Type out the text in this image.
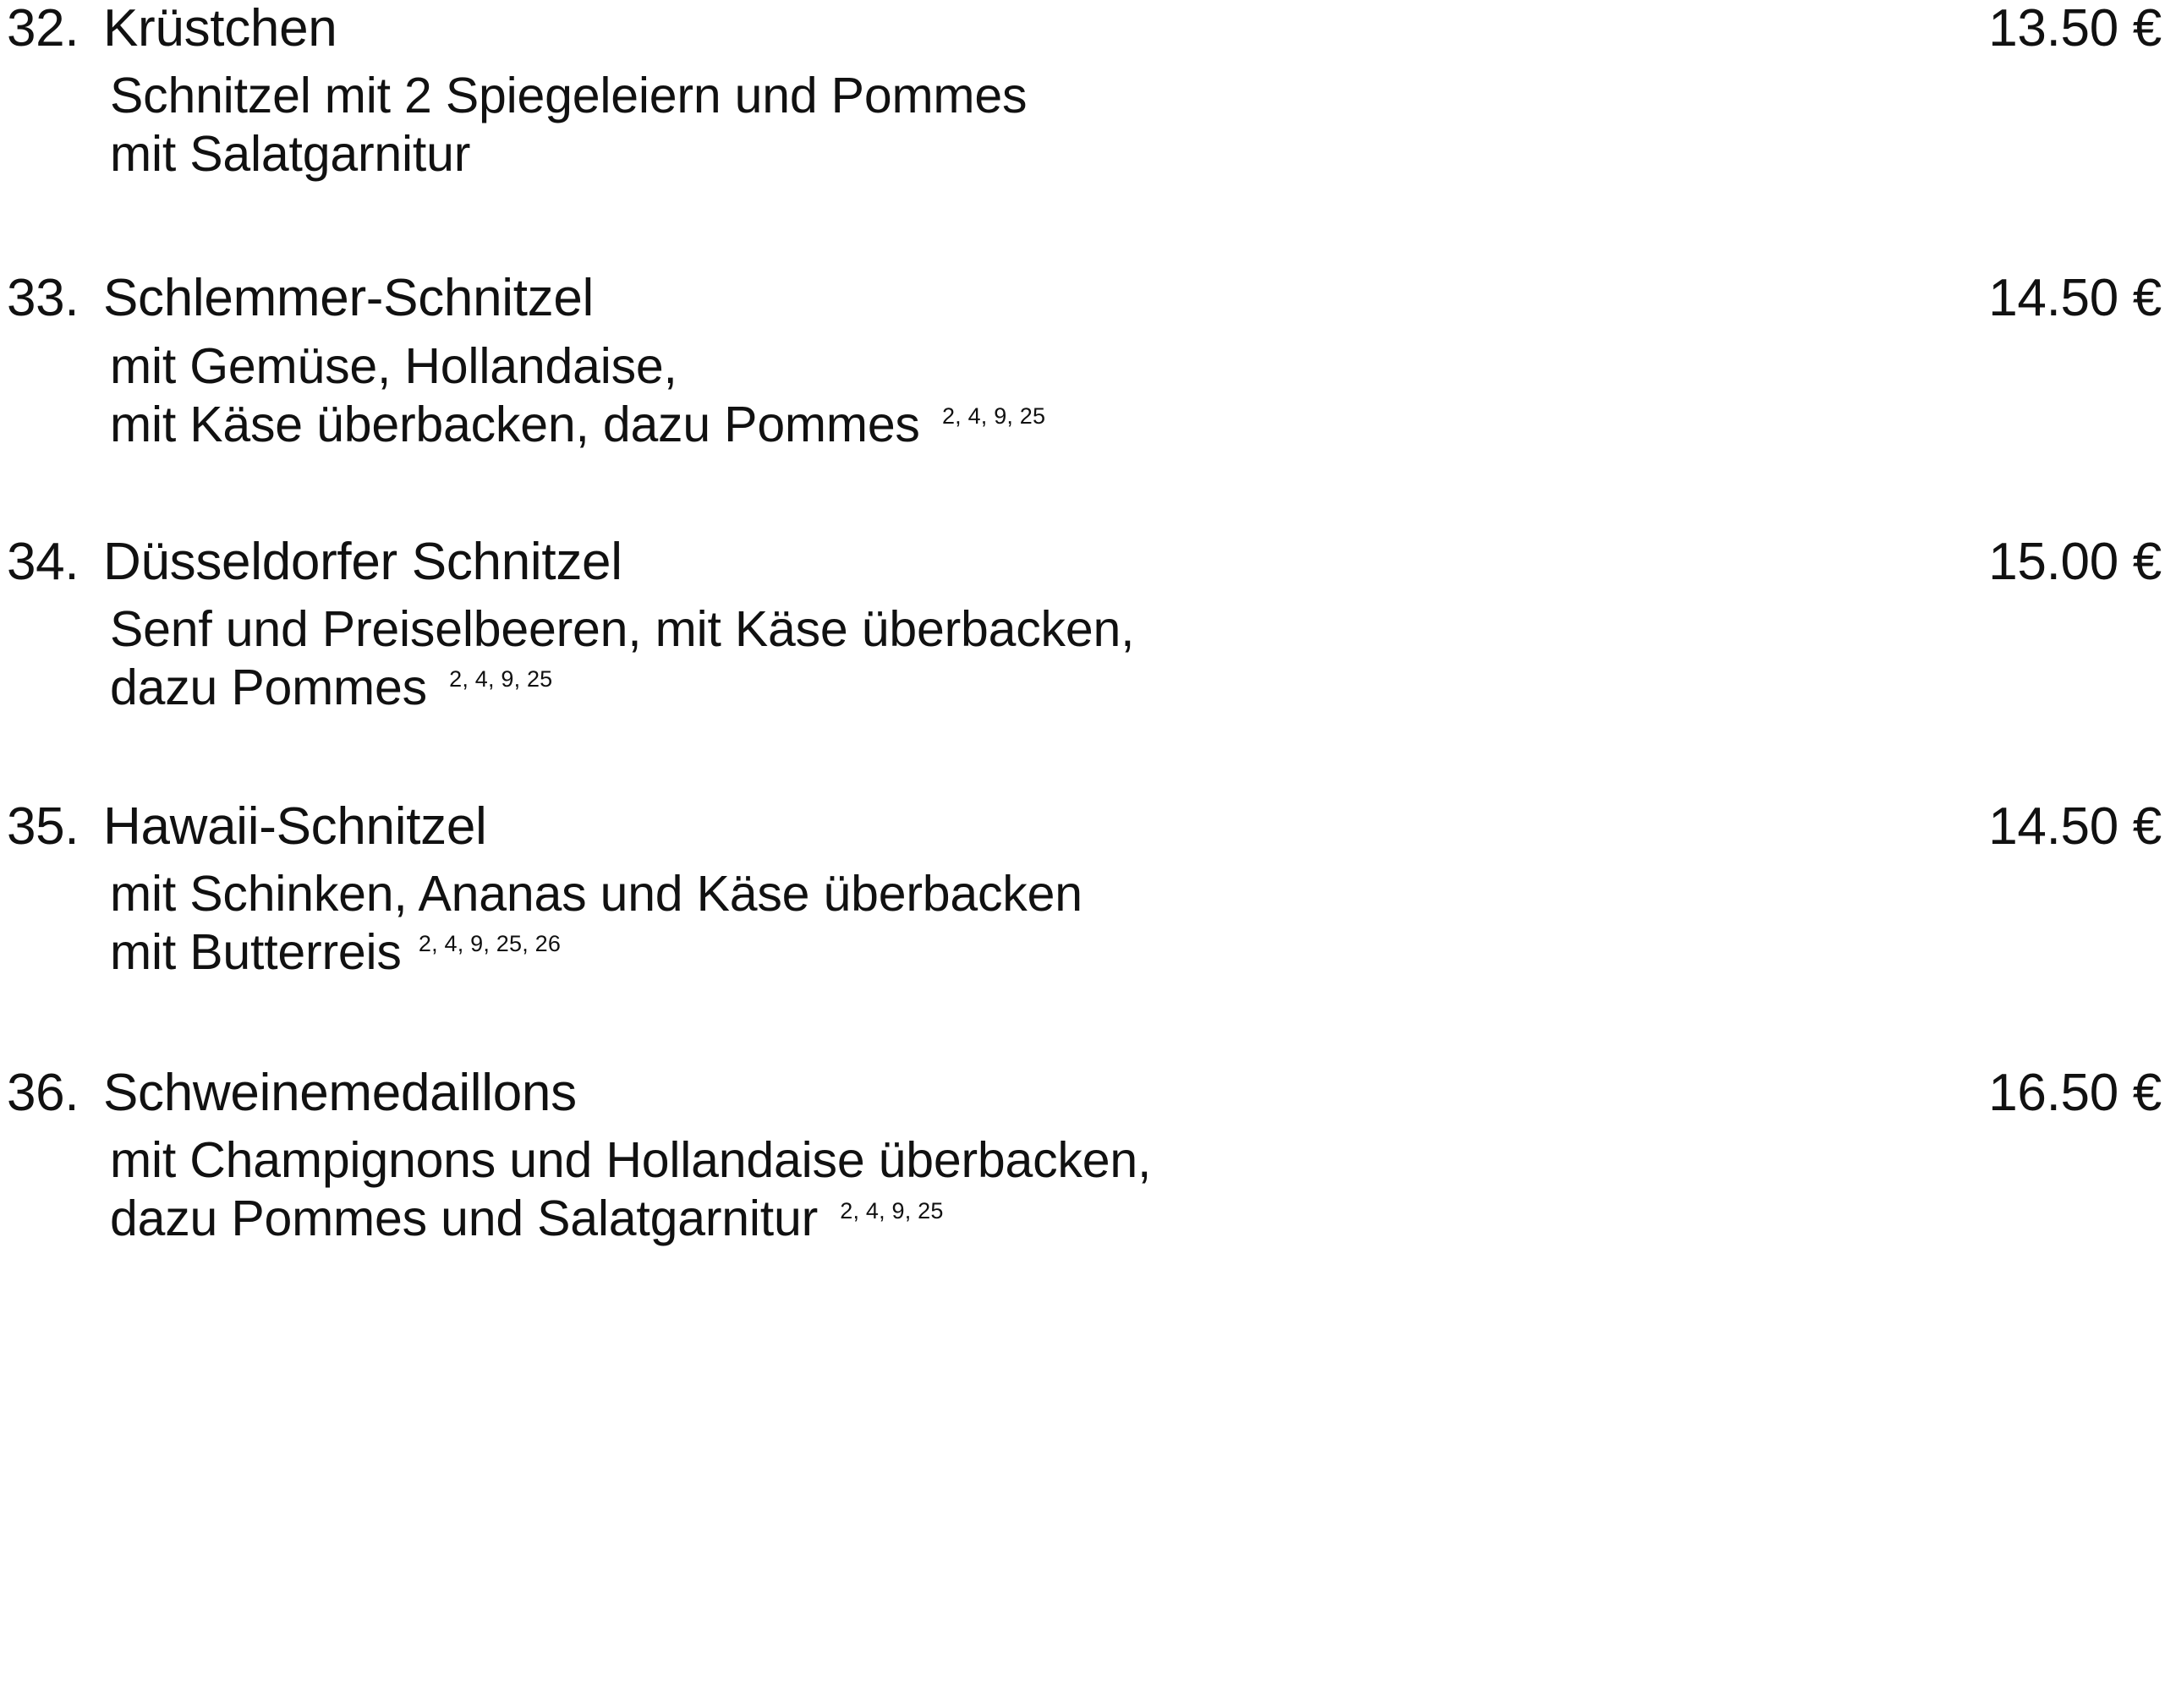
32. Krüstchen	13.50 €
Schnitzel mit 2 Spiegeleiern und Pommes
mit Salatgarnitur
33. Schlemmer-Schnitzel	14.50 €
mit Gemüse, Hollandaise,
mit Käse überbacken, dazu Pommes $^{2, 4, 9, 25}$
34. Düsseldorfer Schnitzel	15.00 €
Senf und Preiselbeeren, mit Käse überbacken,
dazu Pommes $^{2, 4, 9, 25}$
35. Hawaii-Schnitzel	14.50 €
mit Schinken, Ananas und Käse überbacken
mit Butterreis $^{2, 4, 9, 25, 26}$
36. Schweinemedaillons	16.50 €
mit Champignons und Hollandaise überbacken,
dazu Pommes und Salatgarnitur $^{2, 4, 9, 25}$
